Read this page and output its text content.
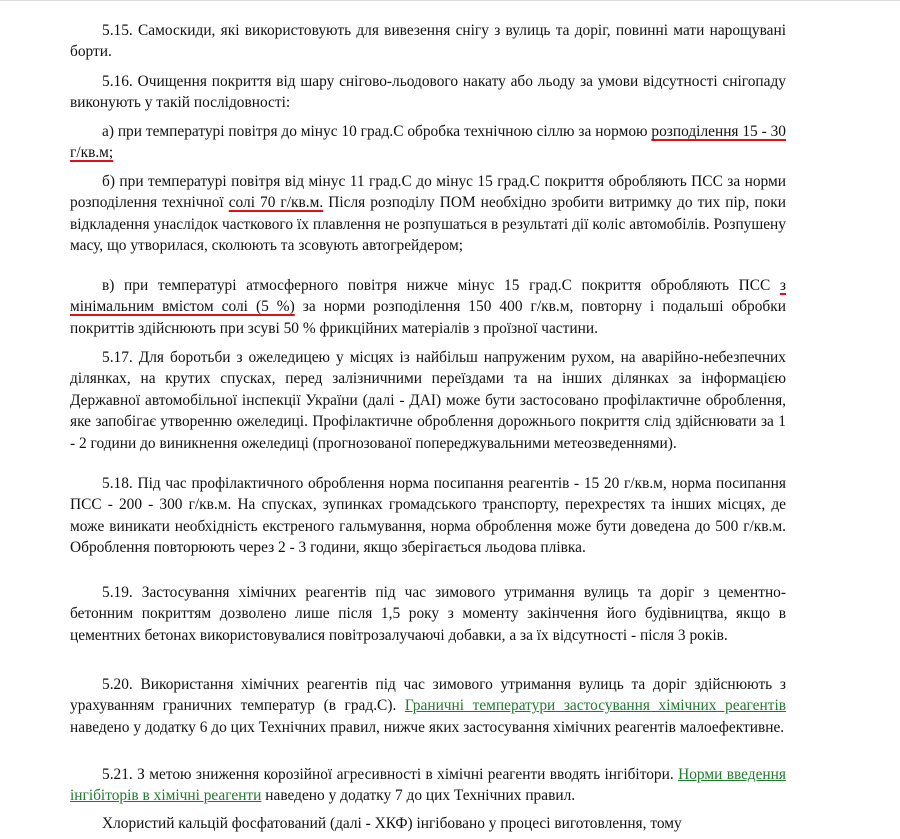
5.15. Самоскиди, які використовують для вивезення снігу з вулиць та доріг, повинні мати нарощувані борти.

5.16. Очищення покриття від шару снігово-льодового накату або льоду за умови відсутності снігопаду виконують у такій послідовності:

а) при температурі повітря до мінус 10 град.С обробка технічною сіллю за нормою розподілення 15 - 30 г/кв.м;

б) при температурі повітря від мінус 11 град.С до мінус 15 град.С покриття обробляють ПСС за норми розподілення технічної солі 70 г/кв.м. Після розподілу ПОМ необхідно зробити витримку до тих пір, поки відкладення унаслідок часткового їх плавлення не розпушаться в результаті дії коліс автомобілів. Розпушену масу, що утворилася, сколюють та зсовують автогрейдером;

в) при температурі атмосферного повітря нижче мінус 15 град.С покриття обробляють ПСС з мінімальним вмістом солі (5 %) за норми розподілення 150 400 г/кв.м, повторну і подальші обробки покриттів здійснюють при зсуві 50 % фрикційних матеріалів з проїзної частини.

5.17. Для боротьби з ожеледицею у місцях із найбільш напруженим рухом, на аварійно-небезпечних ділянках, на крутих спусках, перед залізничними переїздами та на інших ділянках за інформацією Державної автомобільної інспекції України (далі - ДАІ) може бути застосовано профілактичне оброблення, яке запобігає утворенню ожеледиці. Профілактичне оброблення дорожнього покриття слід здійснювати за 1 - 2 години до виникнення ожеледиці (прогнозованої попереджувальними метеозведеннями).

5.18. Під час профілактичного оброблення норма посипання реагентів - 15 20 г/кв.м, норма посипання ПСС - 200 - 300 г/кв.м. На спусках, зупинках громадського транспорту, перехрестях та інших місцях, де може виникати необхідність екстреного гальмування, норма оброблення може бути доведена до 500 г/кв.м. Оброблення повторюють через 2 - 3 години, якщо зберігається льодова плівка.

5.19. Застосування хімічних реагентів під час зимового утримання вулиць та доріг з цементно-бетонним покриттям дозволено лише після 1,5 року з моменту закінчення його будівництва, якщо в цементних бетонах використовувалися повітрозалучаючі добавки, а за їх відсутності - після 3 років.

5.20. Використання хімічних реагентів під час зимового утримання вулиць та доріг здійснюють з урахуванням граничних температур (в град.С). Граничні температури застосування хімічних реагентів наведено у додатку 6 до цих Технічних правил, нижче яких застосування хімічних реагентів малоефективне.

5.21. З метою зниження корозійної агресивності в хімічні реагенти вводять інгібітори. Норми введення інгібіторів в хімічні реагенти наведено у додатку 7 до цих Технічних правил.

Хлористий кальцій фосфатований (далі - ХКФ) інгібовано у процесі виготовлення, тому
